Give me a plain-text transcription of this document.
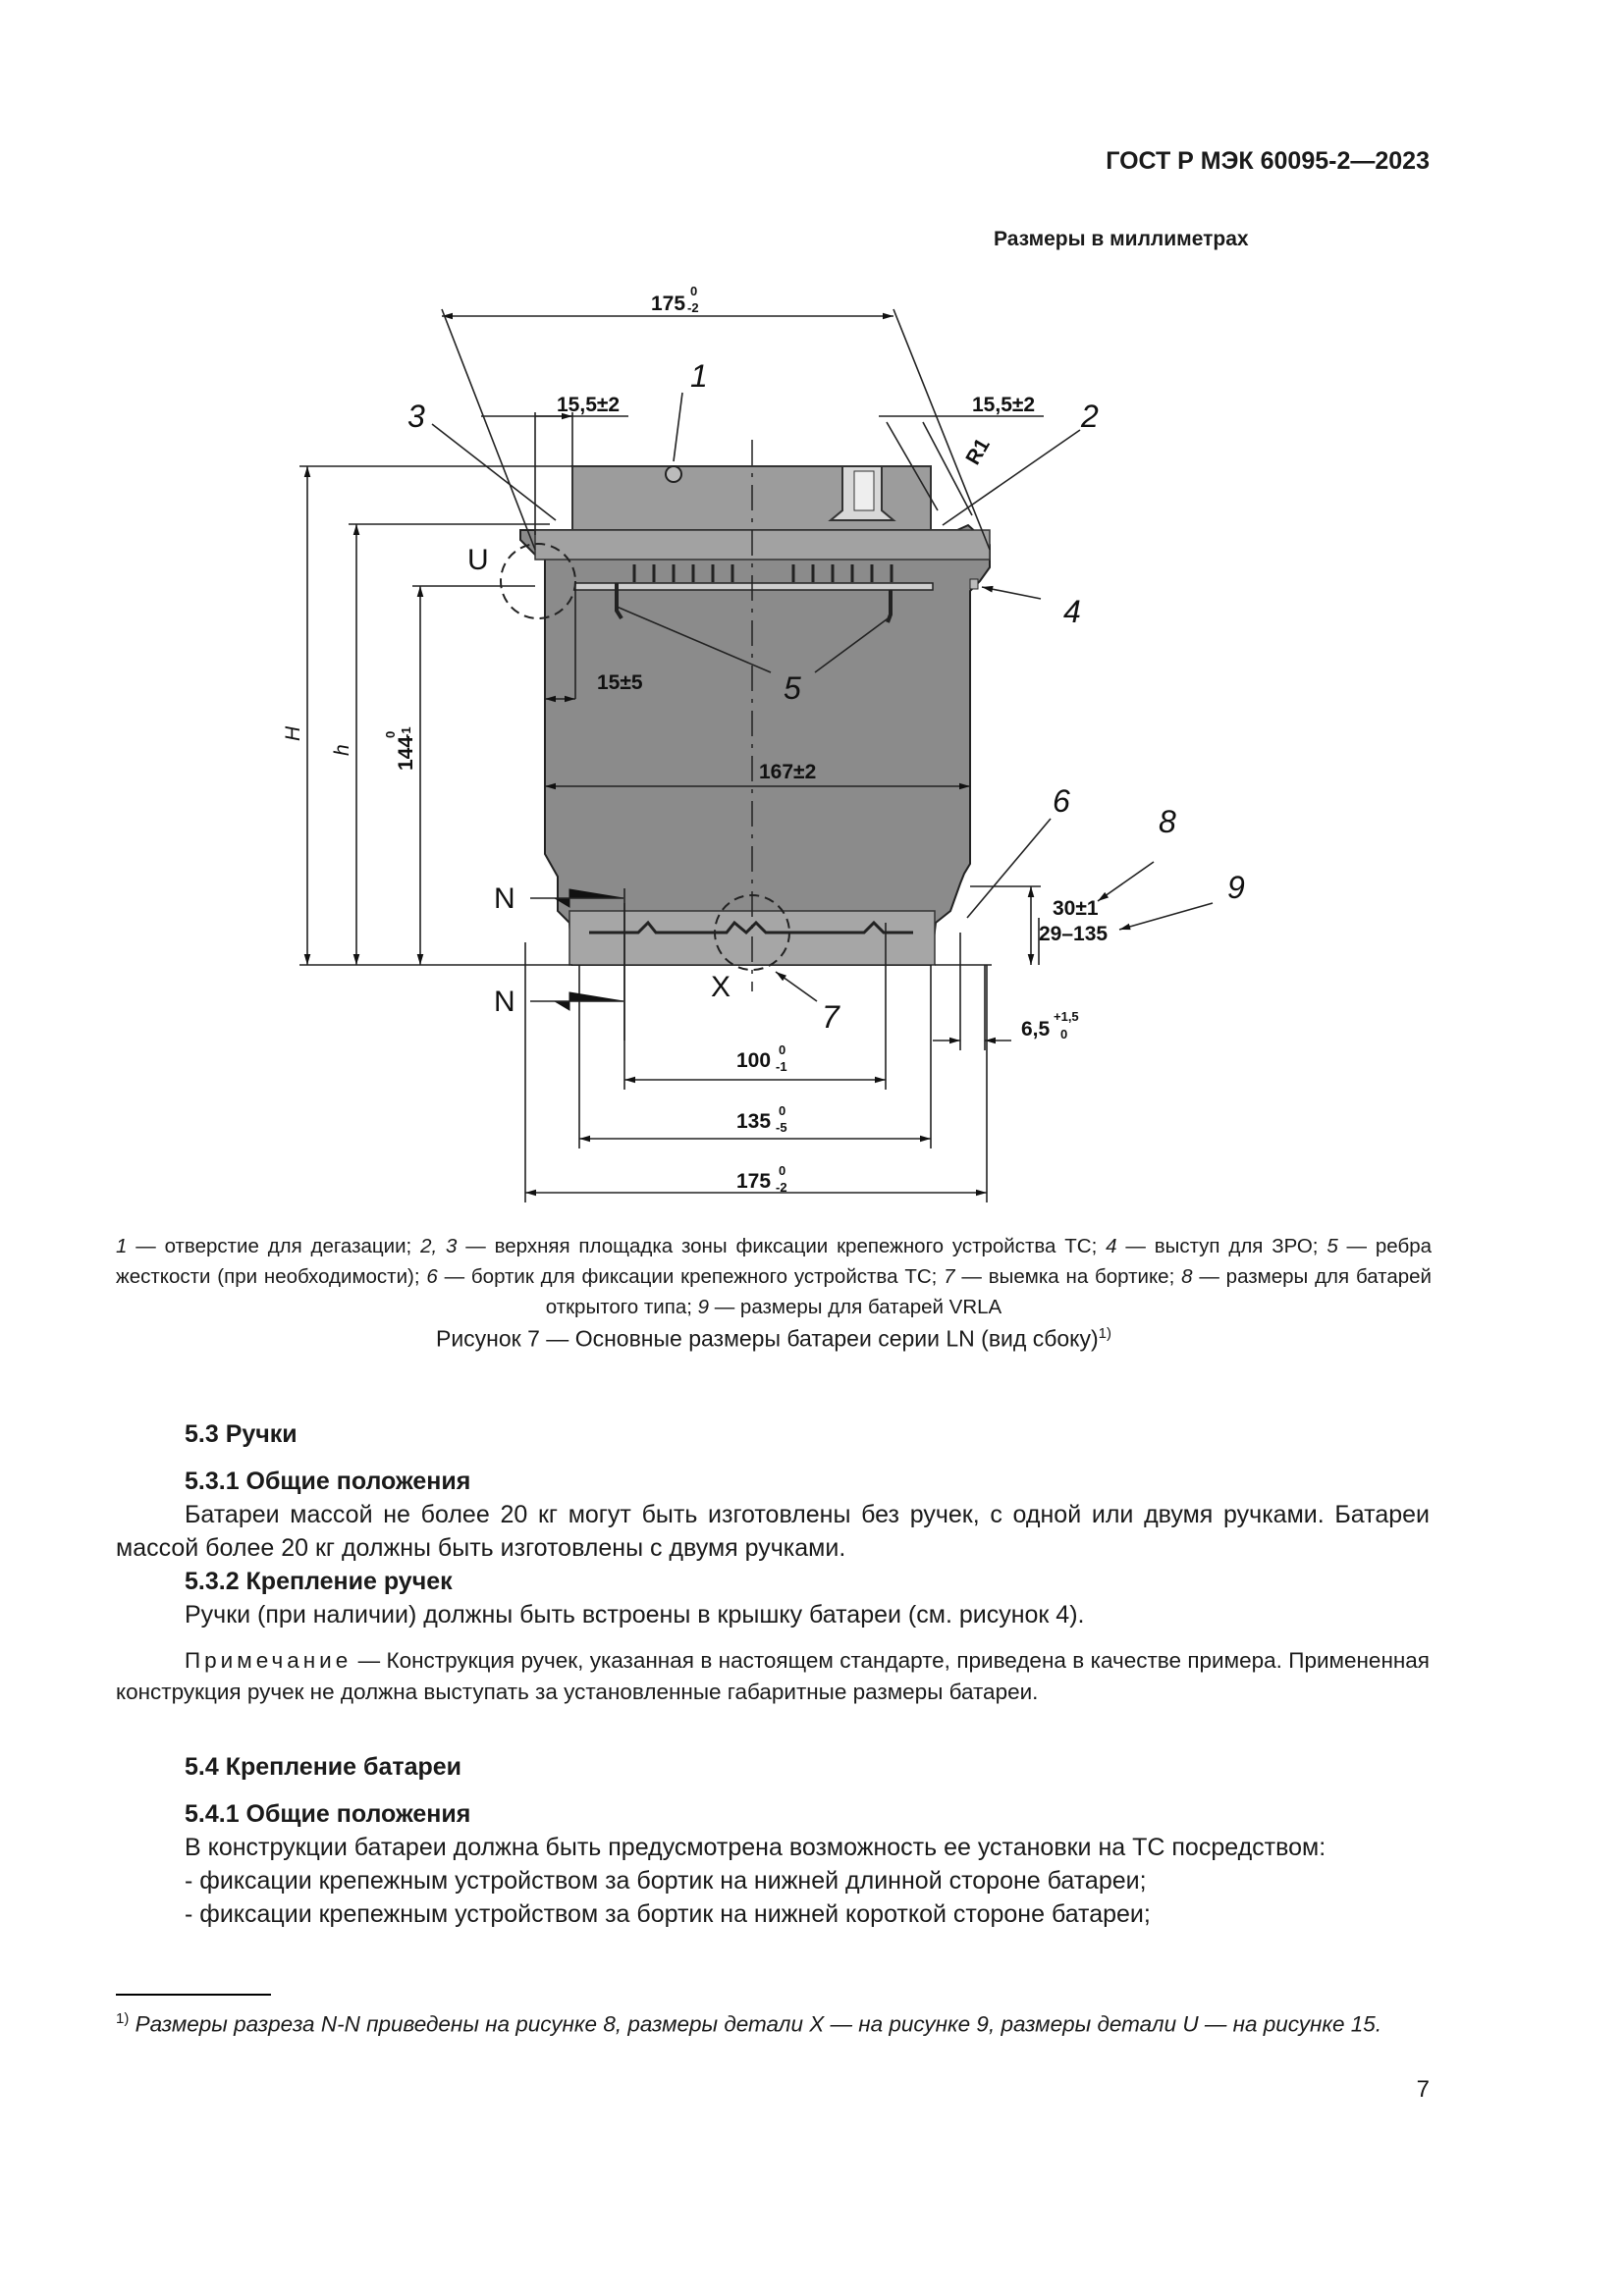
ГОСТ Р МЭК 60095-2—2023
Размеры в миллиметрах
175
0
-2
15,5±2	15,5±2
R1
15±5
167±2
H
h 144
0 -1
30±1
29–135
6,5
+1,5
0
100 0
-1
135 0
-5
175 0
-2
N
N
U
X
1
2
3
4
5
6
7
8
9
1 — отверстие для дегазации; 2, 3 — верхняя площадка зоны фиксации крепежного устройства ТС; 4 — выступ для ЗРО; 5 — ребра жесткости (при необходимости); 6 — бортик для фиксации крепежного устройства ТС; 7 — выемка на бортике; 8 — размеры для батарей открытого типа; 9 — размеры для батарей VRLA
Рисунок 7 — Основные размеры батареи серии LN (вид сбоку)$^{1)}$

5.3 Ручки

5.3.1 Общие положения

Батареи массой не более 20 кг могут быть изготовлены без ручек, с одной или двумя ручками. Батареи массой более 20 кг должны быть изготовлены с двумя ручками.

5.3.2 Крепление ручек

Ручки (при наличии) должны быть встроены в крышку батареи (см. рисунок 4).

Примечание — Конструкция ручек, указанная в настоящем стандарте, приведена в качестве примера. Примененная конструкция ручек не должна выступать за установленные габаритные размеры батареи.

5.4 Крепление батареи

5.4.1 Общие положения

В конструкции батареи должна быть предусмотрена возможность ее установки на ТС посредством:

- фиксации крепежным устройством за бортик на нижней длинной стороне батареи;

- фиксации крепежным устройством за бортик на нижней короткой стороне батареи;

$^{1)}$ Размеры разреза N-N приведены на рисунке 8, размеры детали X — на рисунке 9, размеры детали U — на рисунке 15.
7
